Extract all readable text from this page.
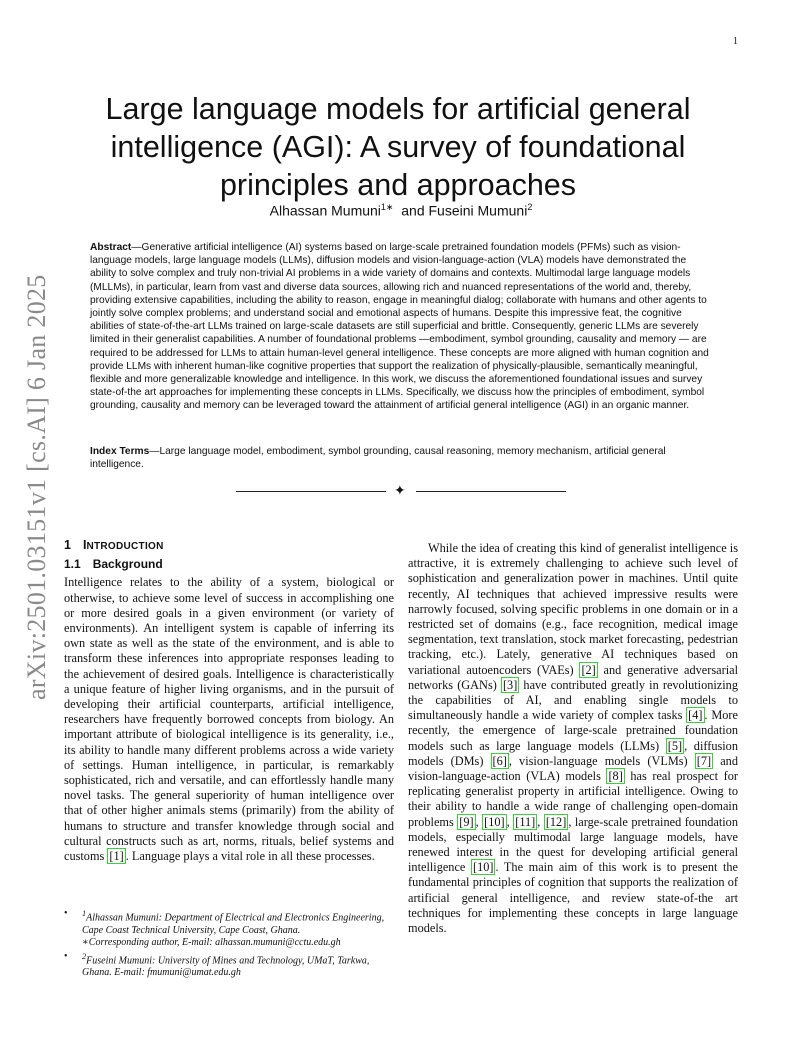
1
arXiv:2501.03151v1 [cs.AI] 6 Jan 2025
Large language models for artificial general intelligence (AGI): A survey of foundational principles and approaches
Alhassan Mumuni$^{1∗}$ and Fuseini Mumuni$^2$
Abstract—Generative artificial intelligence (AI) systems based on large-scale pretrained foundation models (PFMs) such as vision-language models, large language models (LLMs), diffusion models and vision-language-action (VLA) models have demonstrated the ability to solve complex and truly non-trivial AI problems in a wide variety of domains and contexts. Multimodal large language models (MLLMs), in particular, learn from vast and diverse data sources, allowing rich and nuanced representations of the world and, thereby, providing extensive capabilities, including the ability to reason, engage in meaningful dialog; collaborate with humans and other agents to jointly solve complex problems; and understand social and emotional aspects of humans. Despite this impressive feat, the cognitive abilities of state-of-the-art LLMs trained on large-scale datasets are still superficial and brittle. Consequently, generic LLMs are severely limited in their generalist capabilities. A number of foundational problems —embodiment, symbol grounding, causality and memory — are required to be addressed for LLMs to attain human-level general intelligence. These concepts are more aligned with human cognition and provide LLMs with inherent human-like cognitive properties that support the realization of physically-plausible, semantically meaningful, flexible and more generalizable knowledge and intelligence. In this work, we discuss the aforementioned foundational issues and survey state-of-the art approaches for implementing these concepts in LLMs. Specifically, we discuss how the principles of embodiment, symbol grounding, causality and memory can be leveraged toward the attainment of artificial general intelligence (AGI) in an organic manner.
Index Terms—Large language model, embodiment, symbol grounding, causal reasoning, memory mechanism, artificial general intelligence.
✦
1 INTRODUCTION
1.1 Background

Intelligence relates to the ability of a system, biological or otherwise, to achieve some level of success in accomplishing one or more desired goals in a given environment (or variety of environments). An intelligent system is capable of inferring its own state as well as the state of the environment, and is able to transform these inferences into appropriate responses leading to the achievement of desired goals. Intelligence is characteristically a unique feature of higher living organisms, and in the pursuit of developing their artificial counterparts, artificial intelligence, researchers have frequently borrowed concepts from biology. An important attribute of biological intelligence is its generality, i.e., its ability to handle many different problems across a wide variety of settings. Human intelligence, in particular, is remarkably sophisticated, rich and versatile, and can effortlessly handle many novel tasks. The general superiority of human intelligence over that of other higher animals stems (primarily) from the ability of humans to structure and transfer knowledge through social and cultural constructs such as art, norms, rituals, belief systems and customs [1] . Language plays a vital role in all these processes.

While the idea of creating this kind of generalist intelligence is attractive, it is extremely challenging to achieve such level of sophistication and generalization power in machines. Until quite recently, AI techniques that achieved impressive results were narrowly focused, solving specific problems in one domain or in a restricted set of domains (e.g., face recognition, medical image segmentation, text translation, stock market forecasting, pedestrian tracking, etc.). Lately, generative AI techniques based on variational autoencoders (VAEs) [2] and generative adversarial networks (GANs) [3] have contributed greatly in revolutionizing the capabilities of AI, and enabling single models to simultaneously handle a wide variety of complex tasks [4] . More recently, the emergence of large-scale pretrained foundation models such as large language models (LLMs) [5] , diffusion models (DMs) [6] , vision-language models (VLMs) [7] and vision-language-action (VLA) models [8] has real prospect for replicating generalist property in artificial intelligence. Owing to their ability to handle a wide range of challenging open-domain problems [9] , [10] , [11] , [12] , large-scale pretrained foundation models, especially multimodal large language models, have renewed interest in the quest for developing artificial general intelligence [10] . The main aim of this work is to present the fundamental principles of cognition that supports the realization of artificial general intelligence, and review state-of-the art techniques for implementing these concepts in large language models.

• $^1$Alhassan Mumuni: Department of Electrical and Electronics Engineering, Cape Coast Technical University, Cape Coast, Ghana.
∗Corresponding author, E-mail: alhassan.mumuni@cctu.edu.gh
• $^2$Fuseini Mumuni: University of Mines and Technology, UMaT, Tarkwa, Ghana. E-mail: fmumuni@umat.edu.gh
